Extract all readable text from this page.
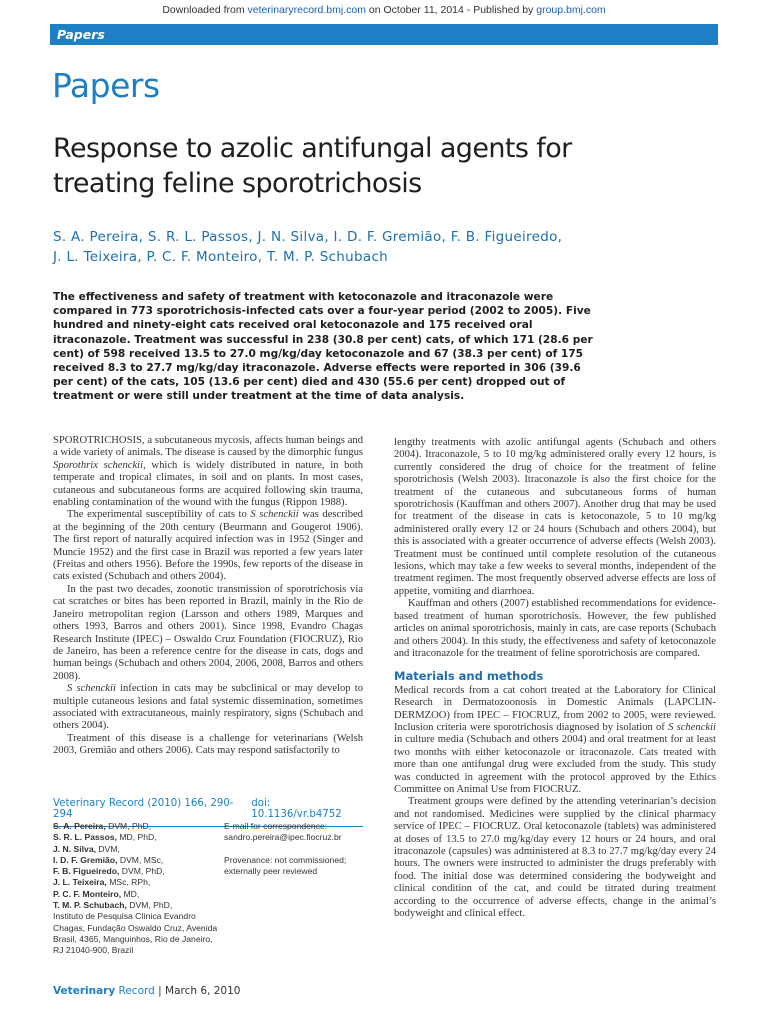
Downloaded from veterinaryrecord.bmj.com on October 11, 2014 - Published by group.bmj.com
Papers
Papers
Response to azolic antifungal agents for treating feline sporotrichosis
S. A. Pereira, S. R. L. Passos, J. N. Silva, I. D. F. Gremião, F. B. Figueiredo,
J. L. Teixeira, P. C. F. Monteiro, T. M. P. Schubach
The effectiveness and safety of treatment with ketoconazole and itraconazole were compared in 773 sporotrichosis-infected cats over a four-year period (2002 to 2005). Five hundred and ninety-eight cats received oral ketoconazole and 175 received oral itraconazole. Treatment was successful in 238 (30.8 per cent) cats, of which 171 (28.6 per cent) of 598 received 13.5 to 27.0 mg/kg/day ketoconazole and 67 (38.3 per cent) of 175 received 8.3 to 27.7 mg/kg/day itraconazole. Adverse effects were reported in 306 (39.6 per cent) of the cats, 105 (13.6 per cent) died and 430 (55.6 per cent) dropped out of treatment or were still under treatment at the time of data analysis.

SPOROTRICHOSIS, a subcutaneous mycosis, affects human beings and a wide variety of animals. The disease is caused by the dimorphic fungus Sporothrix schenckii, which is widely distributed in nature, in both temperate and tropical climates, in soil and on plants. In most cases, cutaneous and subcutaneous forms are acquired following skin trauma, enabling contamination of the wound with the fungus (Rippon 1988).

The experimental susceptibility of cats to S schenckii was described at the beginning of the 20th century (Beurmann and Gougerot 1906). The first report of naturally acquired infection was in 1952 (Singer and Muncie 1952) and the first case in Brazil was reported a few years later (Freitas and others 1956). Before the 1990s, few reports of the disease in cats existed (Schubach and others 2004).

In the past two decades, zoonotic transmission of sporotrichosis via cat scratches or bites has been reported in Brazil, mainly in the Rio de Janeiro metropolitan region (Larsson and others 1989, Marques and others 1993, Barros and others 2001). Since 1998, Evandro Chagas Research Institute (IPEC) – Oswaldo Cruz Foundation (FIOCRUZ), Rio de Janeiro, has been a reference centre for the disease in cats, dogs and human beings (Schubach and others 2004, 2006, 2008, Barros and others 2008).

S schenckii infection in cats may be subclinical or may develop to multiple cutaneous lesions and fatal systemic dissemination, sometimes associated with extracutaneous, mainly respiratory, signs (Schubach and others 2004).

Treatment of this disease is a challenge for veterinarians (Welsh 2003, Gremião and others 2006). Cats may respond satisfactorily to

lengthy treatments with azolic antifungal agents (Schubach and others 2004). Itraconazole, 5 to 10 mg/kg administered orally every 12 hours, is currently considered the drug of choice for the treatment of feline sporotrichosis (Welsh 2003). Itraconazole is also the first choice for the treatment of the cutaneous and subcutaneous forms of human sporotrichosis (Kauffman and others 2007). Another drug that may be used for treatment of the disease in cats is ketoconazole, 5 to 10 mg/kg administered orally every 12 or 24 hours (Schubach and others 2004), but this is associated with a greater occurrence of adverse effects (Welsh 2003). Treatment must be continued until complete resolution of the cutaneous lesions, which may take a few weeks to several months, independent of the treatment regimen. The most frequently observed adverse effects are loss of appetite, vomiting and diarrhoea.

Kauffman and others (2007) established recommendations for evidence-based treatment of human sporotrichosis. However, the few published articles on animal sporotrichosis, mainly in cats, are case reports (Schubach and others 2004). In this study, the effectiveness and safety of ketoconazole and itraconazole for the treatment of feline sporotrichosis are compared.

Materials and methods

Medical records from a cat cohort treated at the Laboratory for Clinical Research in Dermatozoonosis in Domestic Animals (LAPCLIN-DERMZOO) from IPEC – FIOCRUZ, from 2002 to 2005, were reviewed. Inclusion criteria were sporotrichosis diagnosed by isolation of S schenckii in culture media (Schubach and others 2004) and oral treatment for at least two months with either ketoconazole or itraconazole. Cats treated with more than one antifungal drug were excluded from the study. This study was conducted in agreement with the protocol approved by the Ethics Committee on Animal Use from FIOCRUZ.

Treatment groups were defined by the attending veterinarian’s decision and not randomised. Medicines were supplied by the clinical pharmacy service of IPEC – FIOCRUZ. Oral ketoconazole (tablets) was administered at doses of 13.5 to 27.0 mg/kg/day every 12 hours or 24 hours, and oral itraconazole (capsules) was administered at 8.3 to 27.7 mg/kg/day every 24 hours. The owners were instructed to administer the drugs preferably with food. The initial dose was determined considering the bodyweight and clinical condition of the cat, and could be titrated during treatment according to the occurrence of adverse effects, change in the animal’s bodyweight and clinical effect.

Veterinary Record (2010) 166, 290-294
doi: 10.1136/vr.b4752
S. A. Pereira, DVM, PhD,
S. R. L. Passos, MD, PhD,
J. N. Silva, DVM,
I. D. F. Gremião, DVM, MSc,
F. B. Figueiredo, DVM, PhD,
J. L. Teixeira, MSc, RPh,
P. C. F. Monteiro, MD,
T. M. P. Schubach, DVM, PhD,
Instituto de Pesquisa Clínica Evandro Chagas, Fundação Oswaldo Cruz, Avenida Brasil, 4365, Manguinhos, Rio de Janeiro, RJ 21040-900, Brazil
E-mail for correspondence:
sandro.pereira@ipec.fiocruz.br
Provenance: not commissioned; externally peer reviewed
Veterinary Record | March 6, 2010
